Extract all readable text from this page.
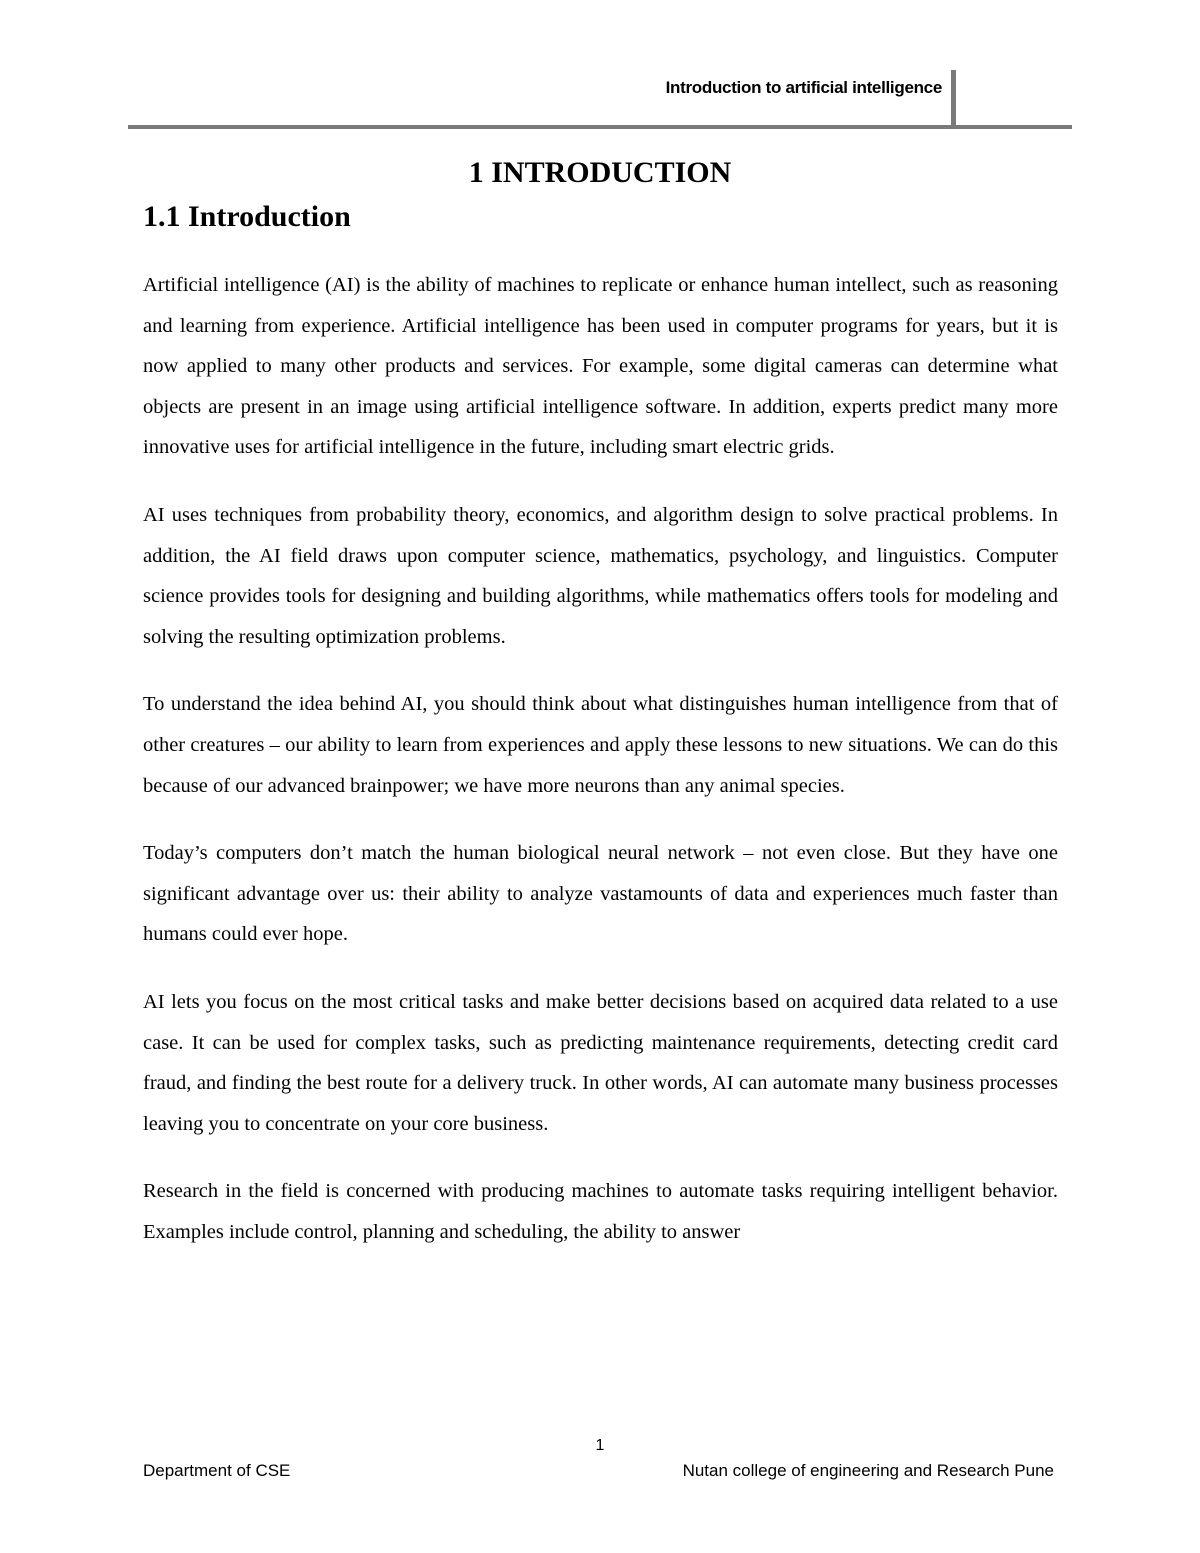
Introduction to artificial intelligence
1 INTRODUCTION
1.1 Introduction

Artificial intelligence (AI) is the ability of machines to replicate or enhance human intellect, such as reasoning and learning from experience. Artificial intelligence has been used in computer programs for years, but it is now applied to many other products and services. For example, some digital cameras can determine what objects are present in an image using artificial intelligence software. In addition, experts predict many more innovative uses for artificial intelligence in the future, including smart electric grids.

AI uses techniques from probability theory, economics, and algorithm design to solve practical problems. In addition, the AI field draws upon computer science, mathematics, psychology, and linguistics. Computer science provides tools for designing and building algorithms, while mathematics offers tools for modeling and solving the resulting optimization problems.

To understand the idea behind AI, you should think about what distinguishes human intelligence from that of other creatures – our ability to learn from experiences and apply these lessons to new situations. We can do this because of our advanced brainpower; we have more neurons than any animal species.

Today’s computers don’t match the human biological neural network – not even close. But they have one significant advantage over us: their ability to analyze vastamounts of data and experiences much faster than humans could ever hope.

AI lets you focus on the most critical tasks and make better decisions based on acquired data related to a use case. It can be used for complex tasks, such as predicting maintenance requirements, detecting credit card fraud, and finding the best route for a delivery truck. In other words, AI can automate many business processes leaving you to concentrate on your core business.

Research in the field is concerned with producing machines to automate tasks requiring intelligent behavior. Examples include control, planning and scheduling, the ability to answer

1
Department of CSE	Nutan college of engineering and Research Pune
